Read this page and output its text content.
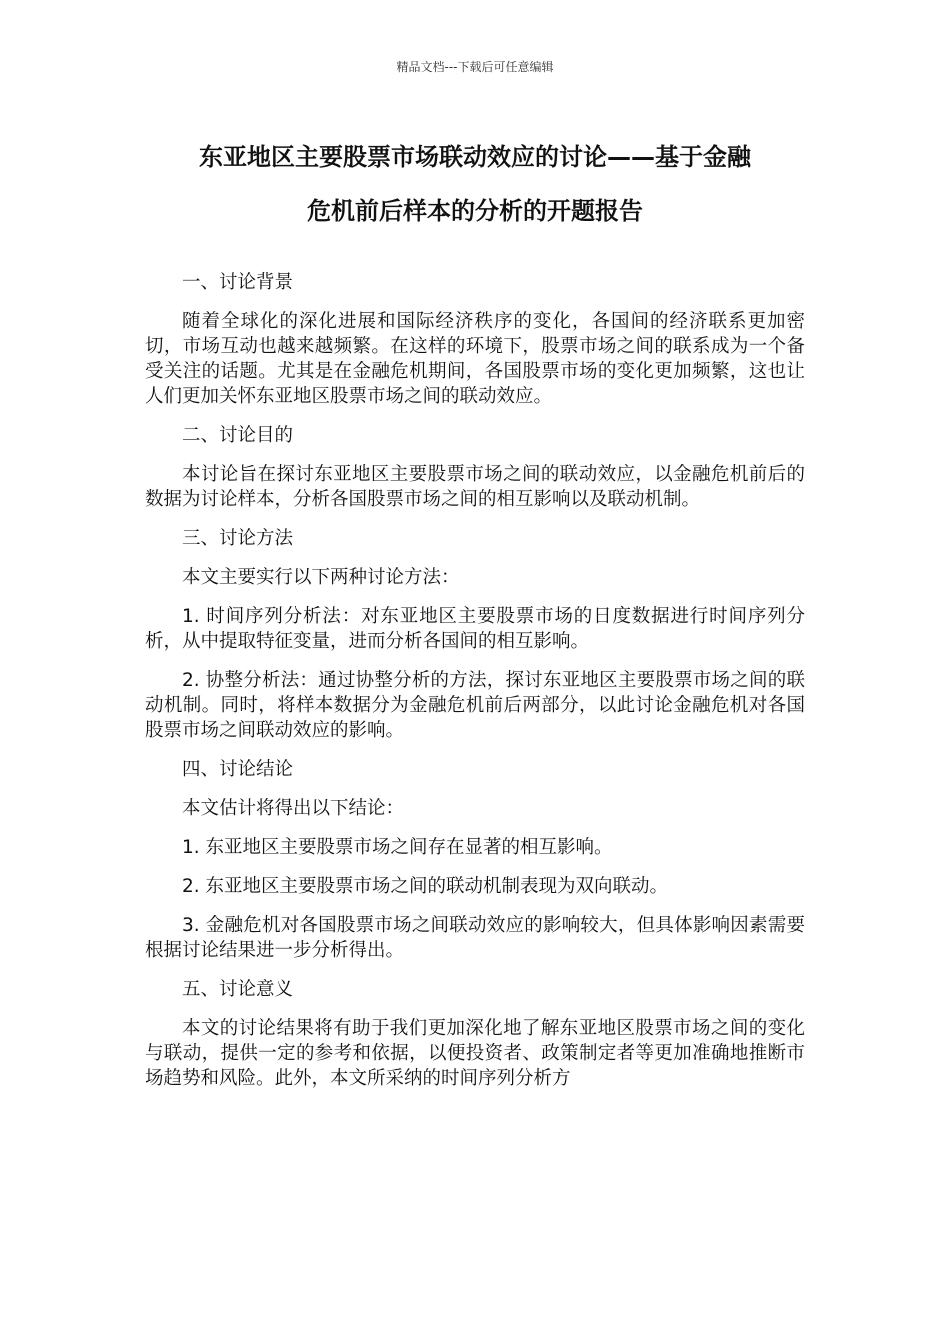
精品文档---下载后可任意编辑
东亚地区主要股票市场联动效应的讨论——基于金融
危机前后样本的分析的开题报告

一、讨论背景

随着全球化的深化进展和国际经济秩序的变化，各国间的经济联系更加密切，市场互动也越来越频繁。在这样的环境下，股票市场之间的联系成为一个备受关注的话题。尤其是在金融危机期间，各国股票市场的变化更加频繁，这也让人们更加关怀东亚地区股票市场之间的联动效应。

二、讨论目的

本讨论旨在探讨东亚地区主要股票市场之间的联动效应，以金融危机前后的数据为讨论样本，分析各国股票市场之间的相互影响以及联动机制。

三、讨论方法

本文主要实行以下两种讨论方法：

1. 时间序列分析法：对东亚地区主要股票市场的日度数据进行时间序列分析，从中提取特征变量，进而分析各国间的相互影响。

2. 协整分析法：通过协整分析的方法，探讨东亚地区主要股票市场之间的联动机制。同时，将样本数据分为金融危机前后两部分，以此讨论金融危机对各国股票市场之间联动效应的影响。

四、讨论结论

本文估计将得出以下结论：

1. 东亚地区主要股票市场之间存在显著的相互影响。

2. 东亚地区主要股票市场之间的联动机制表现为双向联动。

3. 金融危机对各国股票市场之间联动效应的影响较大，但具体影响因素需要根据讨论结果进一步分析得出。

五、讨论意义

本文的讨论结果将有助于我们更加深化地了解东亚地区股票市场之间的变化与联动，提供一定的参考和依据，以便投资者、政策制定者等更加准确地推断市场趋势和风险。此外，本文所采纳的时间序列分析方
